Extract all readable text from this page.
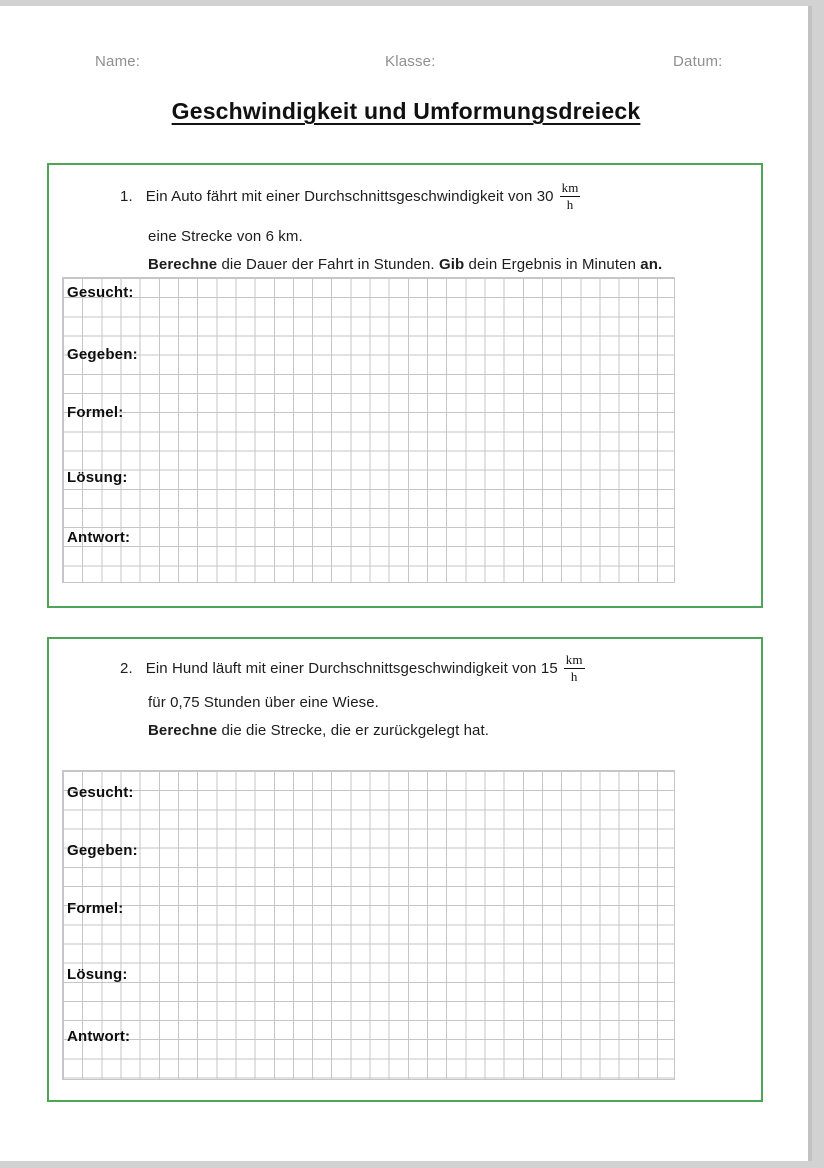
Name:	Klasse:	Datum:
Geschwindigkeit und Umformungsdreieck
1. Ein Auto fährt mit einer Durchschnittsgeschwindigkeit von $30 \frac{km}{h}$
eine Strecke von 6 km.
Berechne die Dauer der Fahrt in Stunden. Gib dein Ergebnis in Minuten an.
Gesucht:
Gegeben:
Formel:
Lösung:
Antwort:
2. Ein Hund läuft mit einer Durchschnittsgeschwindigkeit von $15 \frac{km}{h}$
für 0,75 Stunden über eine Wiese.
Berechne die die Strecke, die er zurückgelegt hat.
Gesucht:
Gegeben:
Formel:
Lösung:
Antwort:
